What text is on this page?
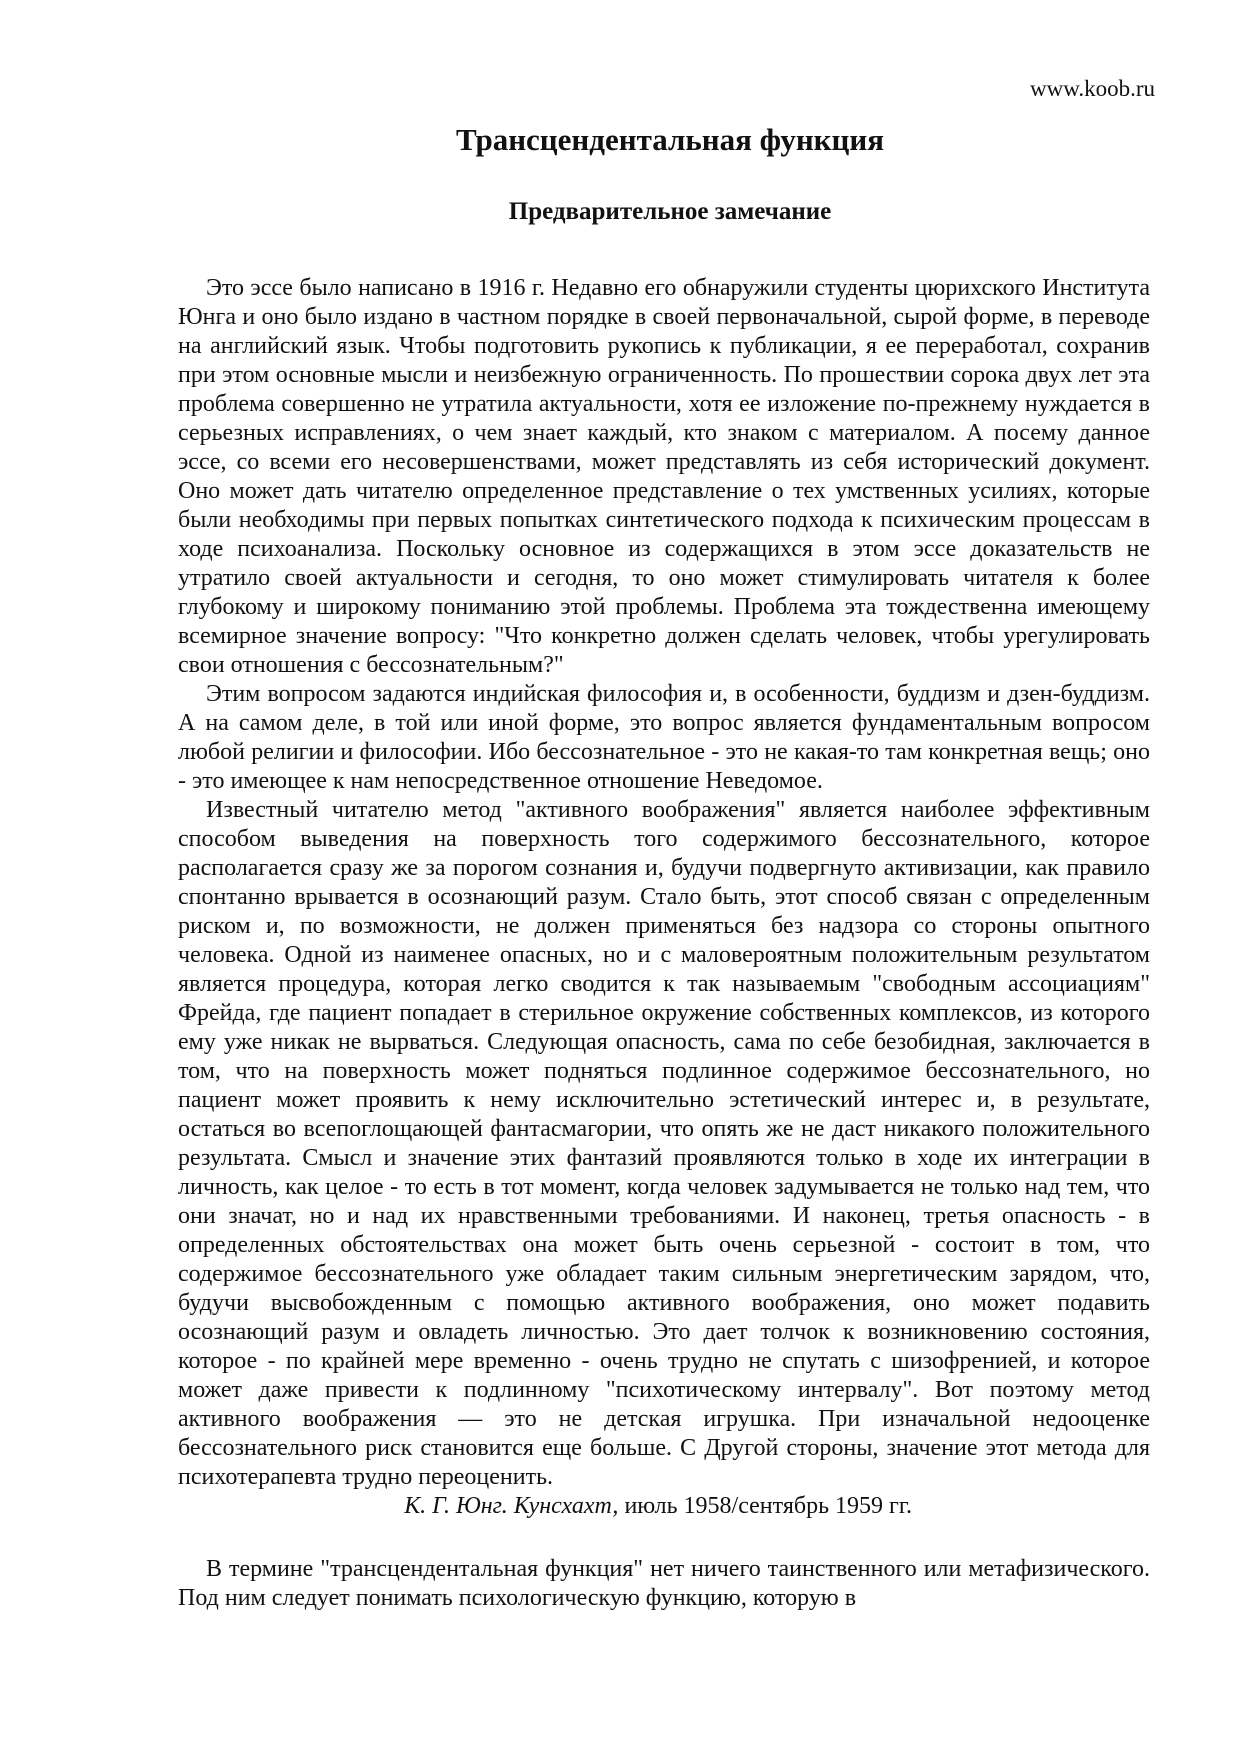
www.koob.ru
Трансцендентальная функция
Предварительное замечание

Это эссе было написано в 1916 г. Недавно его обнаружили студенты цюрихского Института Юнга и оно было издано в частном порядке в своей первоначальной, сырой форме, в переводе на английский язык. Чтобы подготовить рукопись к публикации, я ее переработал, сохранив при этом основные мысли и неизбежную ограниченность. По прошествии сорока двух лет эта проблема совершенно не утратила актуальности, хотя ее изложение по-прежнему нуждается в серьезных исправлениях, о чем знает каждый, кто знаком с материалом. А посему данное эссе, со всеми его несовершенствами, может представлять из себя исторический документ. Оно может дать читателю определенное представление о тех умственных усилиях, которые были необходимы при первых попытках синтетического подхода к психическим процессам в ходе психоанализа. Поскольку основное из содержащихся в этом эссе доказательств не утратило своей актуальности и сегодня, то оно может стимулировать читателя к более глубокому и широкому пониманию этой проблемы. Проблема эта тождественна имеющему всемирное значение вопросу: "Что конкретно должен сделать человек, чтобы урегулировать свои отношения с бессознательным?"

Этим вопросом задаются индийская философия и, в особенности, буддизм и дзен-буддизм. А на самом деле, в той или иной форме, это вопрос является фундаментальным вопросом любой религии и философии. Ибо бессознательное - это не какая-то там конкретная вещь; оно - это имеющее к нам непосредственное отношение Неведомое.

Известный читателю метод "активного воображения" является наиболее эффективным способом выведения на поверхность того содержимого бессознательного, которое располагается сразу же за порогом сознания и, будучи подвергнуто активизации, как правило спонтанно врывается в осознающий разум. Стало быть, этот способ связан с определенным риском и, по возможности, не должен применяться без надзора со стороны опытного человека. Одной из наименее опасных, но и с маловероятным положительным результатом является процедура, которая легко сводится к так называемым "свободным ассоциациям" Фрейда, где пациент попадает в стерильное окружение собственных комплексов, из которого ему уже никак не вырваться. Следующая опасность, сама по себе безобидная, заключается в том, что на поверхность может подняться подлинное содержимое бессознательного, но пациент может проявить к нему исключительно эстетический интерес и, в результате, остаться во всепоглощающей фантасмагории, что опять же не даст никакого положительного результата. Смысл и значение этих фантазий проявляются только в ходе их интеграции в личность, как целое - то есть в тот момент, когда человек задумывается не только над тем, что они значат, но и над их нравственными требованиями. И наконец, третья опасность - в определенных обстоятельствах она может быть очень серьезной - состоит в том, что содержимое бессознательного уже обладает таким сильным энергетическим зарядом, что, будучи высвобожденным с помощью активного воображения, оно может подавить осознающий разум и овладеть личностью. Это дает толчок к возникновению состояния, которое - по крайней мере временно - очень трудно не спутать с шизофренией, и которое может даже привести к подлинному "психотическому интервалу". Вот поэтому метод активного воображения — это не детская игрушка. При изначальной недооценке бессознательного риск становится еще больше. С Другой стороны, значение этот метода для психотерапевта трудно переоценить.

К. Г. Юнг. Кунсхахт, июль 1958/сентябрь 1959 гг.

В термине "трансцендентальная функция" нет ничего таинственного или метафизического. Под ним следует понимать психологическую функцию, которую в
